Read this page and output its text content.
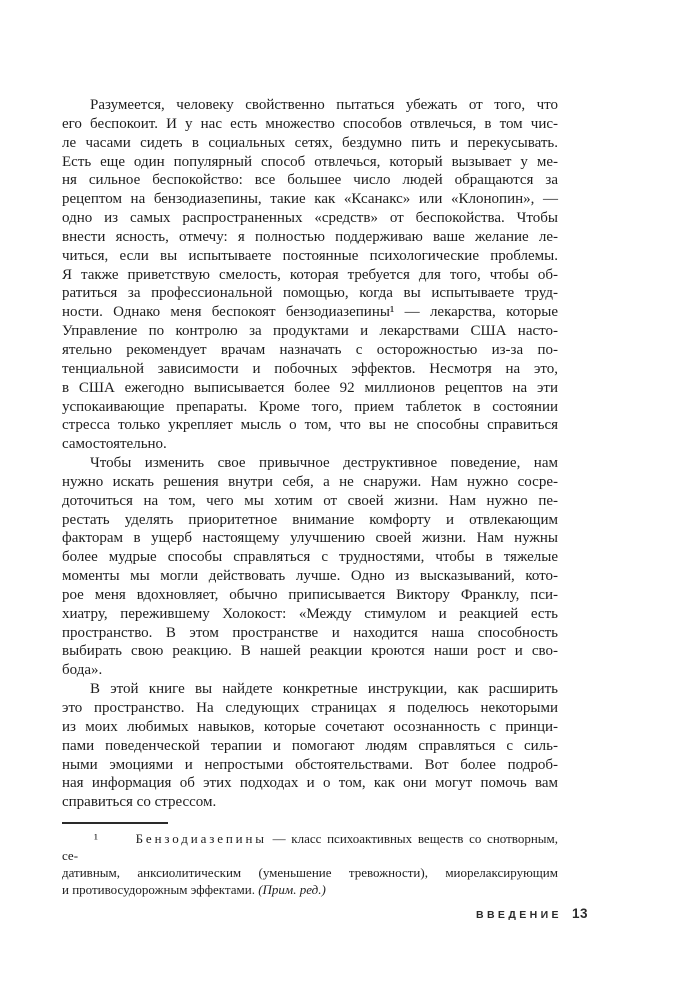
Разумеется, человеку свойственно пытаться убежать от того, что
его беспокоит. И у нас есть множество способов отвлечься, в том чис-
ле часами сидеть в социальных сетях, бездумно пить и перекусывать.
Есть еще один популярный способ отвлечься, который вызывает у ме-
ня сильное беспокойство: все большее число людей обращаются за
рецептом на бензодиазепины, такие как «Ксанакс» или «Клонопин», —
одно из самых распространенных «средств» от беспокойства. Чтобы
внести ясность, отмечу: я полностью поддерживаю ваше желание ле-
читься, если вы испытываете постоянные психологические проблемы.
Я также приветствую смелость, которая требуется для того, чтобы об-
ратиться за профессиональной помощью, когда вы испытываете труд-
ности. Однако меня беспокоят бензодиазепины¹ — лекарства, которые
Управление по контролю за продуктами и лекарствами США насто-
ятельно рекомендует врачам назначать с осторожностью из-за по-
тенциальной зависимости и побочных эффектов. Несмотря на это,
в США ежегодно выписывается более 92 миллионов рецептов на эти
успокаивающие препараты. Кроме того, прием таблеток в состоянии
стресса только укрепляет мысль о том, что вы не способны справиться
самостоятельно.
Чтобы изменить свое привычное деструктивное поведение, нам
нужно искать решения внутри себя, а не снаружи. Нам нужно сосре-
доточиться на том, чего мы хотим от своей жизни. Нам нужно пе-
рестать уделять приоритетное внимание комфорту и отвлекающим
факторам в ущерб настоящему улучшению своей жизни. Нам нужны
более мудрые способы справляться с трудностями, чтобы в тяжелые
моменты мы могли действовать лучше. Одно из высказываний, кото-
рое меня вдохновляет, обычно приписывается Виктору Франклу, пси-
хиатру, пережившему Холокост: «Между стимулом и реакцией есть
пространство. В этом пространстве и находится наша способность
выбирать свою реакцию. В нашей реакции кроются наши рост и сво-
бода».
В этой книге вы найдете конкретные инструкции, как расширить
это пространство. На следующих страницах я поделюсь некоторыми
из моих любимых навыков, которые сочетают осознанность с принци-
пами поведенческой терапии и помогают людям справляться с силь-
ными эмоциями и непростыми обстоятельствами. Вот более подроб-
ная информация об этих подходах и о том, как они могут помочь вам
справиться со стрессом.
¹ Бензодиазепины — класс психоактивных веществ со снотворным, се-
дативным, анксиолитическим (уменьшение тревожности), миорелаксирующим
и противосудорожным эффектами. (Прим. ред.)
ВВЕДЕНИЕ 13
